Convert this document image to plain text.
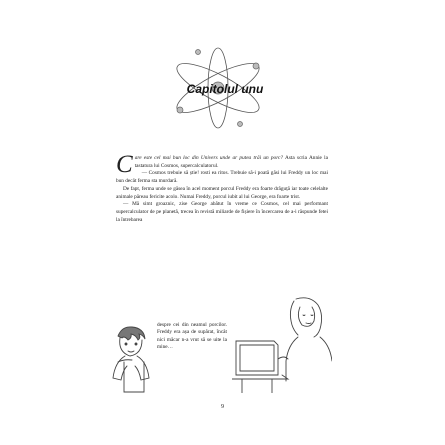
Capitolul unu

Care este cel mai bun loc din Univers unde ar putea trăi un porc? Asta scria Annie la tastatura lui Cosmos, supercalculatorul.

— Cosmos trebuie să știe! rosti ea ritos. Trebuie să-i poată găsi lui Freddy un loc mai bun decât ferma sta murdară.

De fapt, ferma unde se găsea în acel moment porcul Freddy era foarte drăguță iar toate celelalte animale păreau fericite acolo. Numai Freddy, porcul iubit al lui George, era foarte trist.

— Mă simt groaznic, zise George abătut în vreme ce Cosmos, cel mai performant supercalculator de pe planetă, trecea în revistă miliarde de fișiere în încercarea de a-i răspunde fetei la întrebarea

despre cei din neamul porcilor. Freddy era așa de supărat, încât nici măcar n-a vrut să se uite la mine…

9
